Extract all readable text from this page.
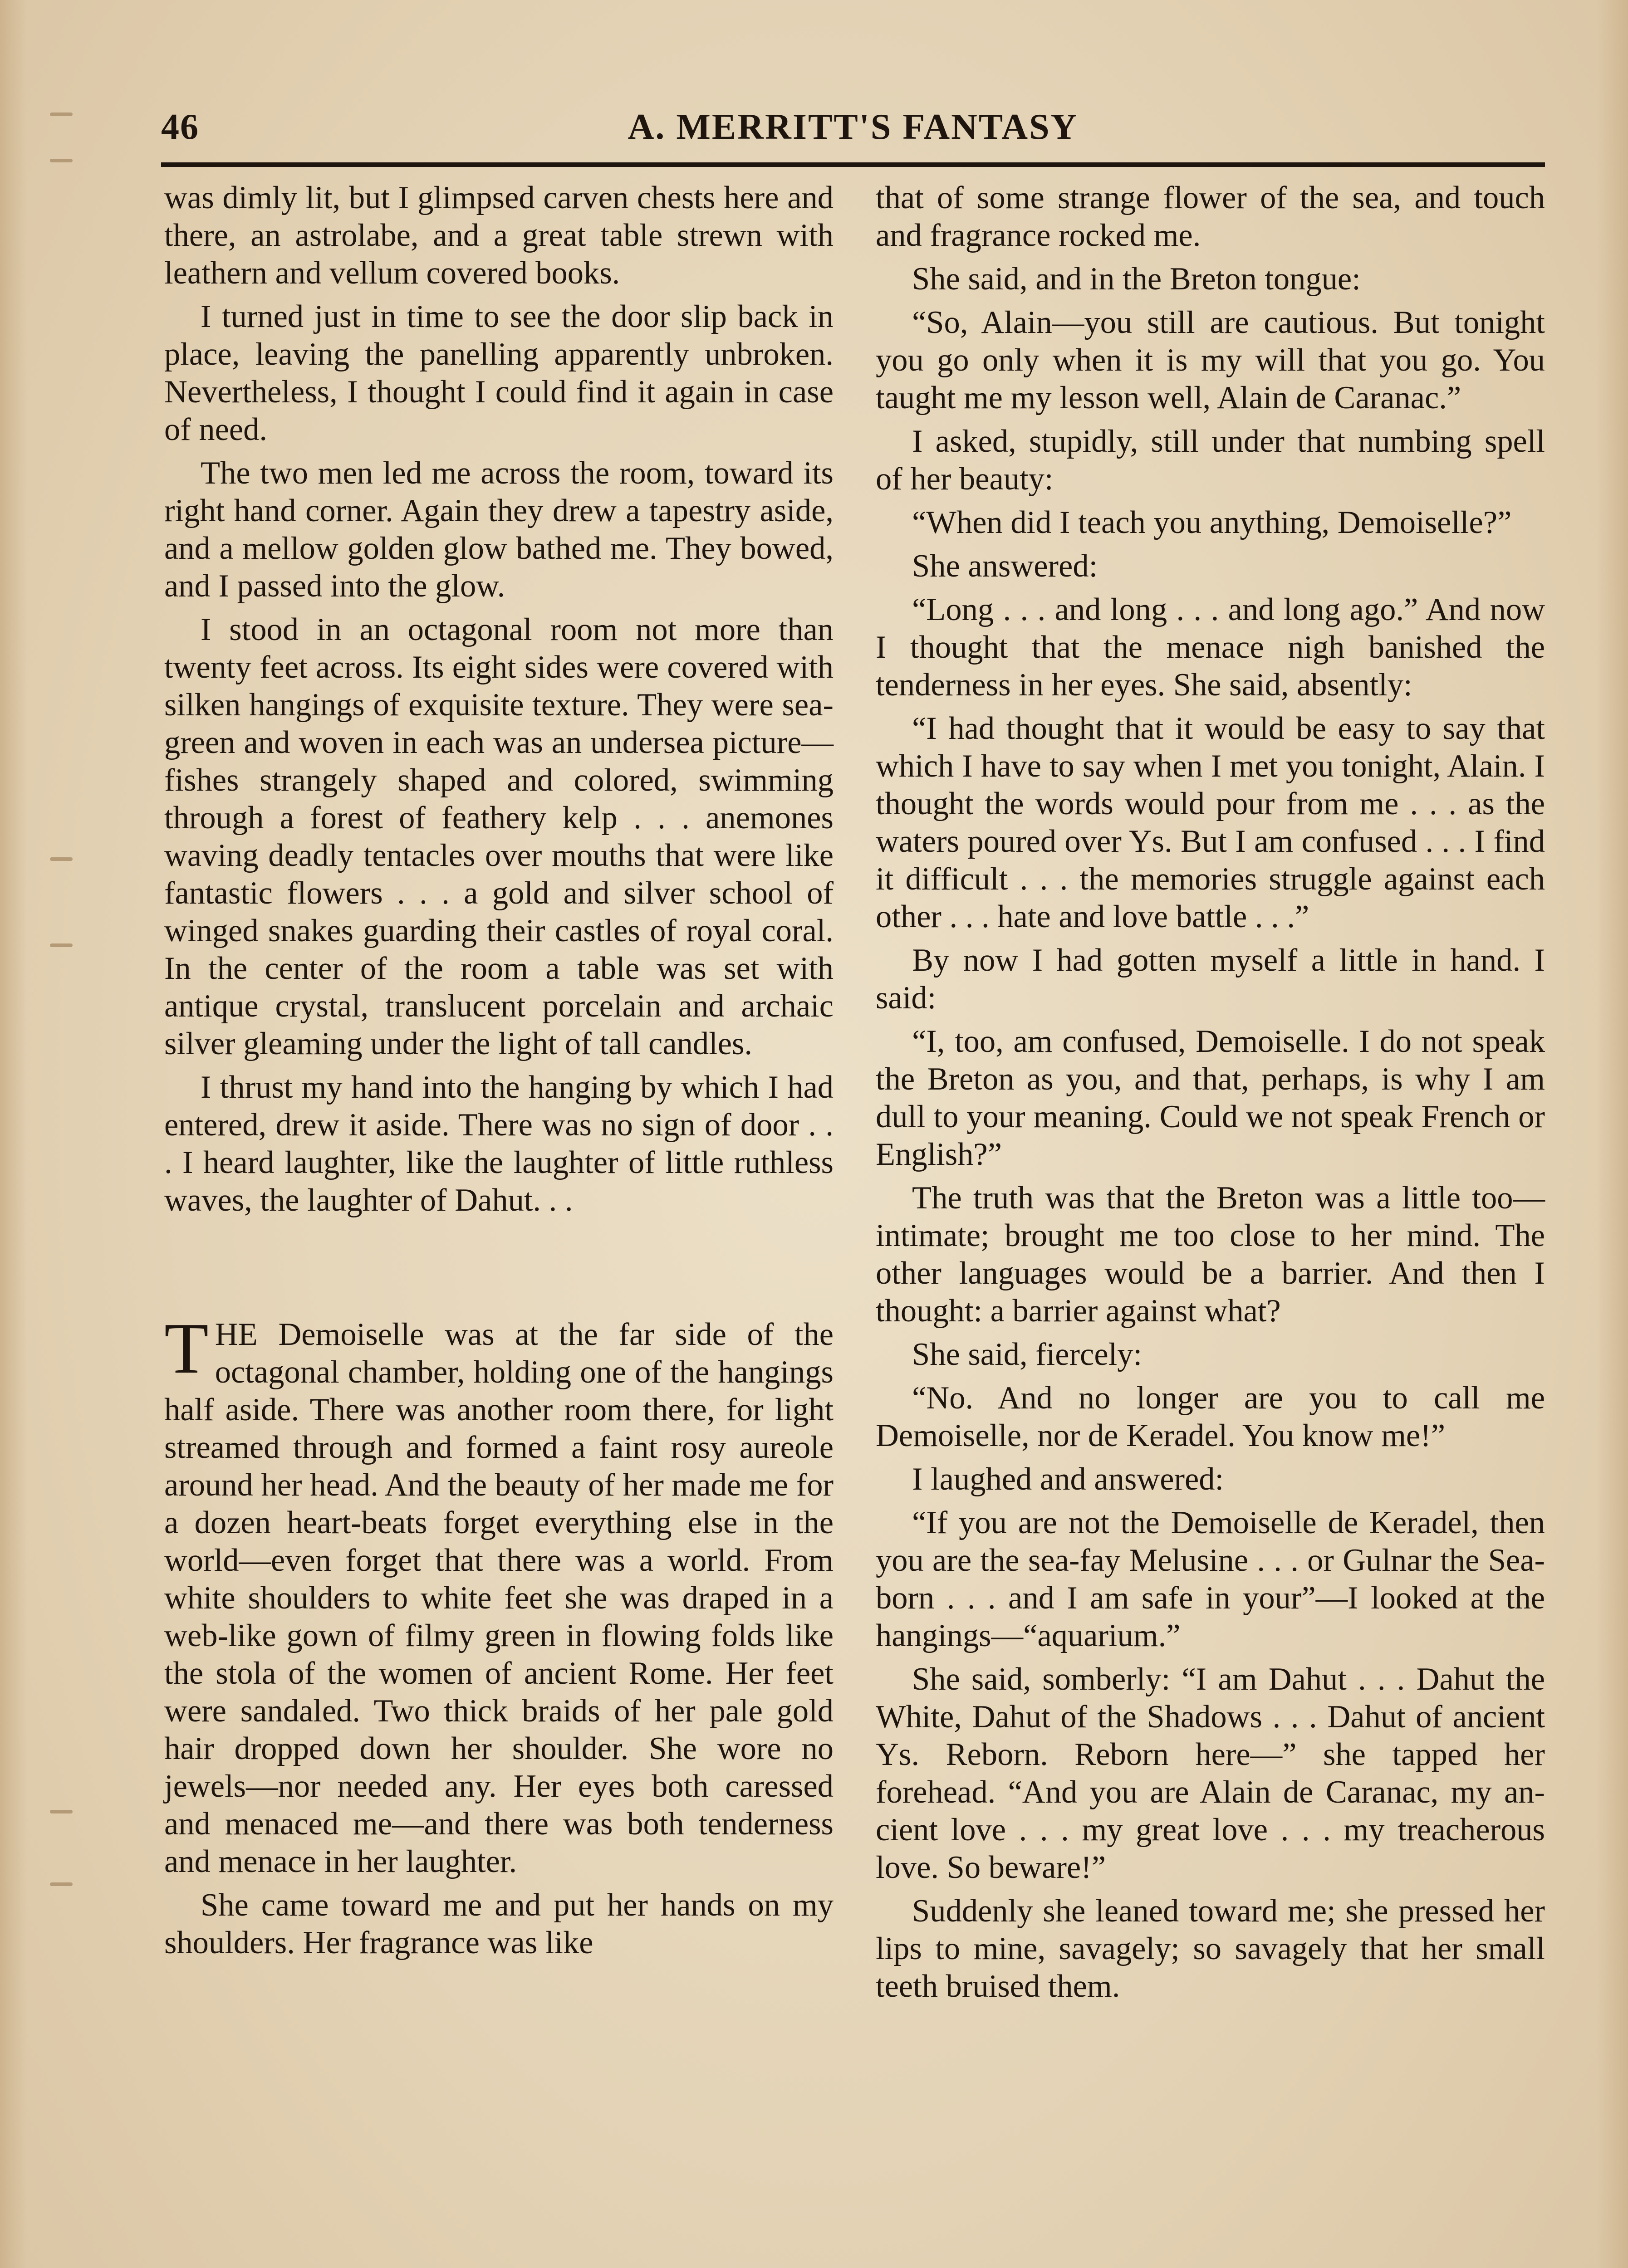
A. MERRITT'S FANTASY
46

was dimly lit, but I glimpsed carven chests here and there, an astrolabe, and a great table strewn with leathern and vellum covered books.

I turned just in time to see the door slip back in place, leaving the panelling apparently unbroken. Nevertheless, I thought I could find it again in case of need.

The two men led me across the room, toward its right hand corner. Again they drew a tapestry aside, and a mellow golden glow bathed me. They bowed, and I passed into the glow.

I stood in an octagonal room not more than twenty feet across. Its eight sides were covered with silken hangings of exquisite texture. They were sea-green and woven in each was an undersea picture—fishes strangely shaped and colored, swimming through a forest of feathery kelp . . . anemones waving deadly tentacles over mouths that were like fantastic flowers . . . a gold and silver school of winged snakes guarding their castles of royal coral. In the center of the room a table was set with antique crystal, translucent porcelain and archaic silver gleaming under the light of tall candles.

I thrust my hand into the hanging by which I had entered, drew it aside. There was no sign of door . . . I heard laughter, like the laughter of little ruthless waves, the laughter of Dahut. . .

THE Demoiselle was at the far side of the octagonal chamber, holding one of the hangings half aside. There was another room there, for light streamed through and formed a faint rosy aureole around her head. And the beauty of her made me for a dozen heart-beats forget everything else in the world—even forget that there was a world. From white shoulders to white feet she was draped in a web-like gown of filmy green in flowing folds like the stola of the women of ancient Rome. Her feet were sandaled. Two thick braids of her pale gold hair dropped down her shoulder. She wore no jewels—nor needed any. Her eyes both caressed and menaced me—and there was both tenderness and menace in her laughter.

She came toward me and put her hands on my shoulders. Her fragrance was like

that of some strange flower of the sea, and touch and fragrance rocked me.

She said, and in the Breton tongue:

“So, Alain—you still are cautious. But tonight you go only when it is my will that you go. You taught me my lesson well, Alain de Caranac.”

I asked, stupidly, still under that numbing spell of her beauty:

“When did I teach you anything, Demoiselle?”

She answered:

“Long . . . and long . . . and long ago.” And now I thought that the menace nigh banished the tenderness in her eyes. She said, absently:

“I had thought that it would be easy to say that which I have to say when I met you tonight, Alain. I thought the words would pour from me . . . as the waters poured over Ys. But I am confused . . . I find it difficult . . . the memories struggle against each other . . . hate and love battle . . .”

By now I had gotten myself a little in hand. I said:

“I, too, am confused, Demoiselle. I do not speak the Breton as you, and that, perhaps, is why I am dull to your meaning. Could we not speak French or English?”

The truth was that the Breton was a little too—intimate; brought me too close to her mind. The other languages would be a barrier. And then I thought: a barrier against what?

She said, fiercely:

“No. And no longer are you to call me Demoiselle, nor de Keradel. You know me!”

I laughed and answered:

“If you are not the Demoiselle de Keradel, then you are the sea-fay Melusine . . . or Gulnar the Sea-born . . . and I am safe in your”—I looked at the hangings—“aquarium.”

She said, somberly: “I am Dahut . . . Dahut the White, Dahut of the Shadows . . . Dahut of ancient Ys. Reborn. Reborn here—” she tapped her forehead. “And you are Alain de Caranac, my ancient love . . . my great love . . . my treacherous love. So beware!”

Suddenly she leaned toward me; she pressed her lips to mine, savagely; so savagely that her small teeth bruised them.
